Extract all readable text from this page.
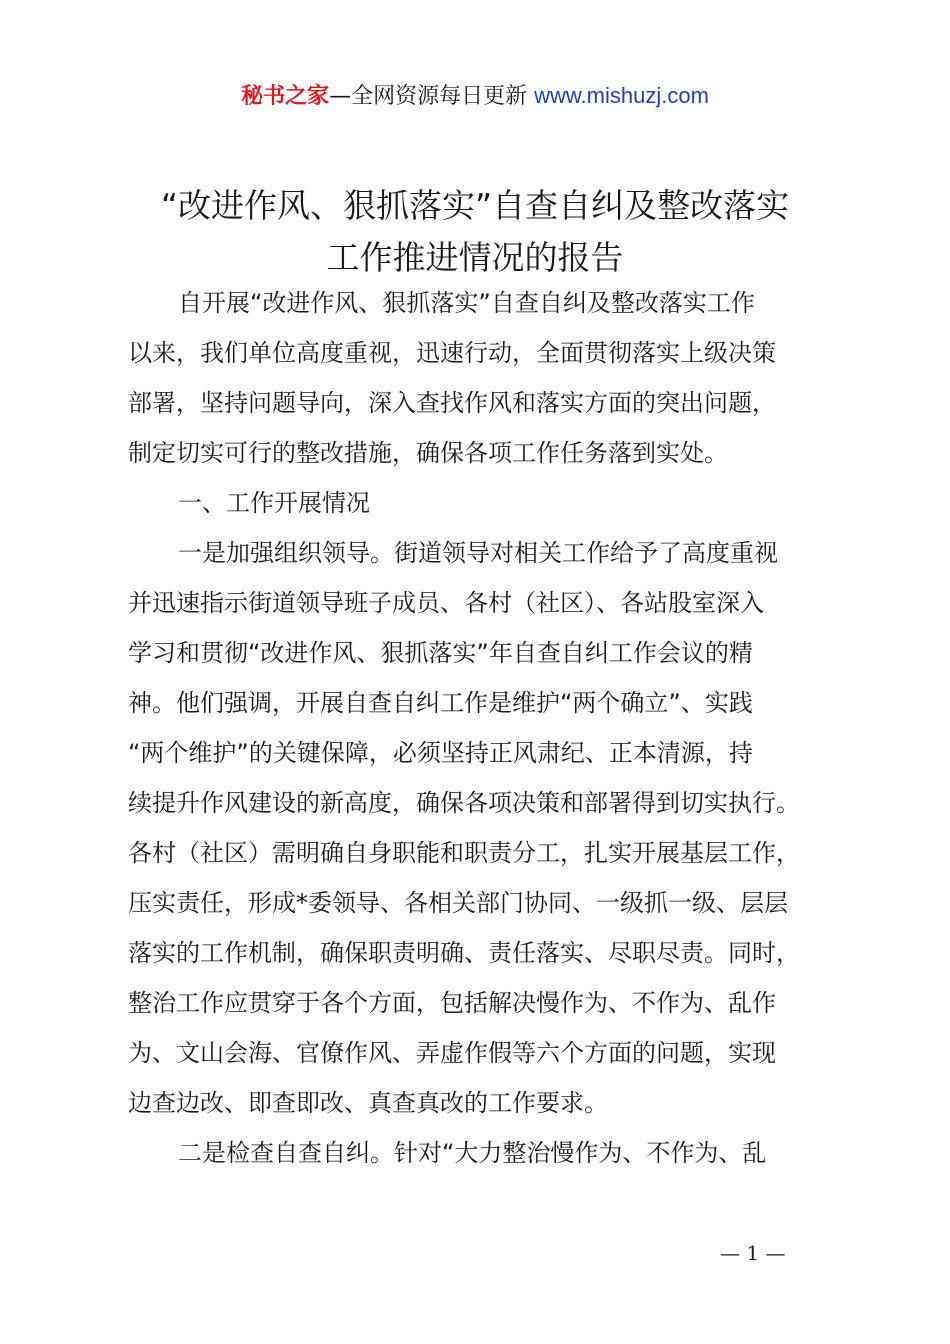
秘书之家—全网资源每日更新 www.mishuzj.com
“改进作风、狠抓落实”自查自纠及整改落实
工作推进情况的报告
自开展“改进作风、狠抓落实”自查自纠及整改落实工作
以来，我们单位高度重视，迅速行动，全面贯彻落实上级决策
部署，坚持问题导向，深入查找作风和落实方面的突出问题，
制定切实可行的整改措施，确保各项工作任务落到实处。
一、工作开展情况
一是加强组织领导。街道领导对相关工作给予了高度重视
并迅速指示街道领导班子成员、各村（社区）、各站股室深入
学习和贯彻“改进作风、狠抓落实”年自查自纠工作会议的精
神。他们强调，开展自查自纠工作是维护“两个确立”、实践
“两个维护”的关键保障，必须坚持正风肃纪、正本清源，持
续提升作风建设的新高度，确保各项决策和部署得到切实执行。
各村（社区）需明确自身职能和职责分工，扎实开展基层工作，
压实责任，形成*委领导、各相关部门协同、一级抓一级、层层
落实的工作机制，确保职责明确、责任落实、尽职尽责。同时，
整治工作应贯穿于各个方面，包括解决慢作为、不作为、乱作
为、文山会海、官僚作风、弄虚作假等六个方面的问题，实现
边查边改、即查即改、真查真改的工作要求。
二是检查自查自纠。针对“大力整治慢作为、不作为、乱
— 1 —
